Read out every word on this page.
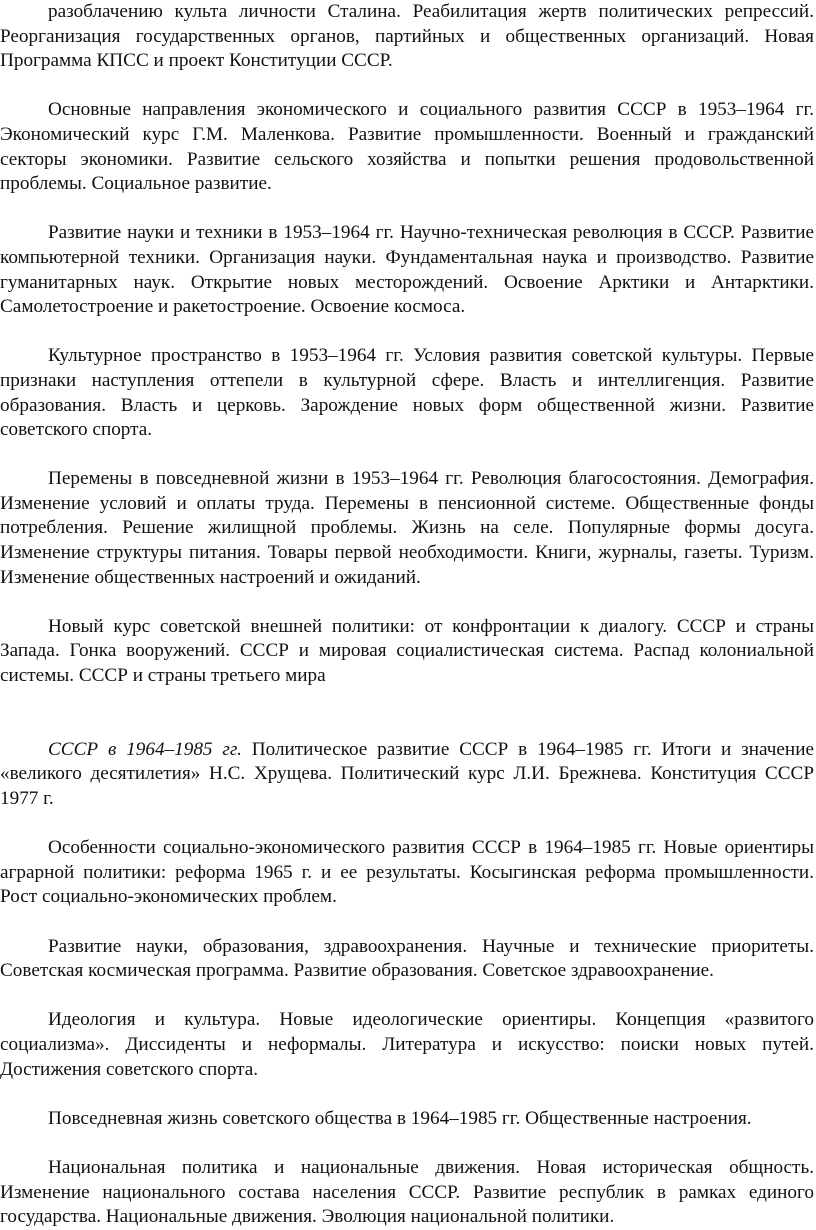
разоблачению культа личности Сталина. Реабилитация жертв политических репрессий. Реорганизация государственных органов, партийных и общественных организаций. Новая Программа КПСС и проект Конституции СССР.

Основные направления экономического и социального развития СССР в 1953–1964 гг. Экономический курс Г.М. Маленкова. Развитие промышленности. Военный и гражданский секторы экономики. Развитие сельского хозяйства и попытки решения продовольственной проблемы. Социальное развитие.

Развитие науки и техники в 1953–1964 гг. Научно-техническая революция в СССР. Развитие компьютерной техники. Организация науки. Фундаментальная наука и производство. Развитие гуманитарных наук. Открытие новых месторождений. Освоение Арктики и Антарктики. Самолетостроение и ракетостроение. Освоение космоса.

Культурное пространство в 1953–1964 гг. Условия развития советской культуры. Первые признаки наступления оттепели в культурной сфере. Власть и интеллигенция. Развитие образования. Власть и церковь. Зарождение новых форм общественной жизни. Развитие советского спорта.

Перемены в повседневной жизни в 1953–1964 гг. Революция благосостояния. Демография. Изменение условий и оплаты труда. Перемены в пенсионной системе. Общественные фонды потребления. Решение жилищной проблемы. Жизнь на селе. Популярные формы досуга. Изменение структуры питания. Товары первой необходимости. Книги, журналы, газеты. Туризм. Изменение общественных настроений и ожиданий.

Новый курс советской внешней политики: от конфронтации к диалогу. СССР и страны Запада. Гонка вооружений. СССР и мировая социалистическая система. Распад колониальной системы. СССР и страны третьего мира

СССР в 1964–1985 гг. Политическое развитие СССР в 1964–1985 гг. Итоги и значение «великого десятилетия» Н.С. Хрущева. Политический курс Л.И. Брежнева. Конституция СССР 1977 г.

Особенности социально-экономического развития СССР в 1964–1985 гг. Новые ориентиры аграрной политики: реформа 1965 г. и ее результаты. Косыгинская реформа промышленности. Рост социально-экономических проблем.

Развитие науки, образования, здравоохранения. Научные и технические приоритеты. Советская космическая программа. Развитие образования. Советское здравоохранение.

Идеология и культура. Новые идеологические ориентиры. Концепция «развитого социализма». Диссиденты и неформалы. Литература и искусство: поиски новых путей. Достижения советского спорта.

Повседневная жизнь советского общества в 1964–1985 гг. Общественные настроения.

Национальная политика и национальные движения. Новая историческая общность. Изменение национального состава населения СССР. Развитие республик в рамках единого государства. Национальные движения. Эволюция национальной политики.
